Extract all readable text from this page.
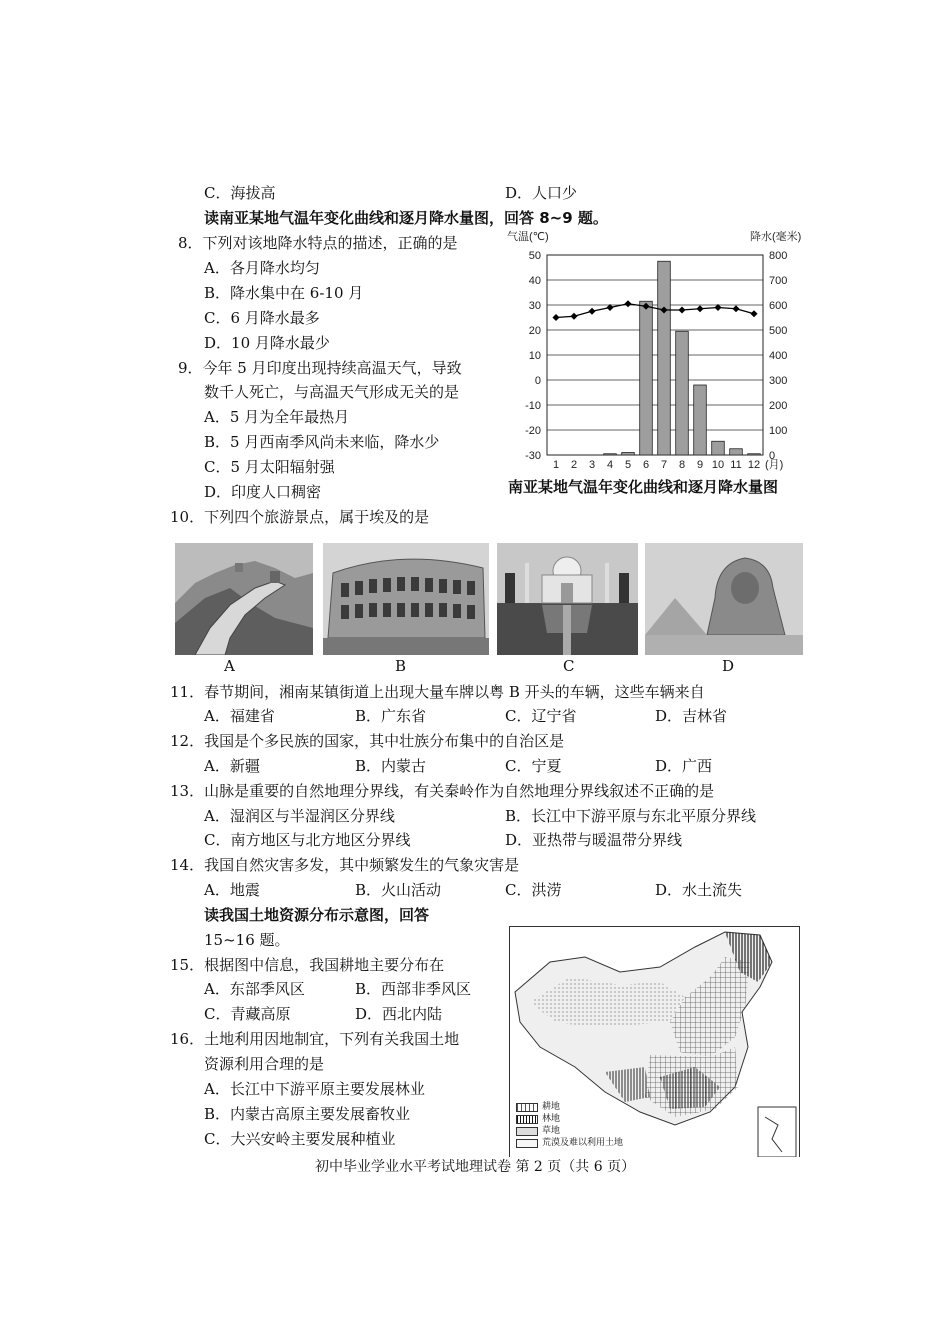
C．海拔高	D．人口少
读南亚某地气温年变化曲线和逐月降水量图，回答 8~9 题。
8．下列对该地降水特点的描述，正确的是
A．各月降水均匀
B．降水集中在 6-10 月
C．6 月降水最多
D．10 月降水最少
9．今年 5 月印度出现持续高温天气，导致
数千人死亡，与高温天气形成无关的是
A．5 月为全年最热月
B．5 月西南季风尚未来临，降水少
C．5 月太阳辐射强
D．印度人口稠密
气温(℃)	降水(毫米)
50
40
30
20
10
0
-10
-20
-30
800
700
600
500
400
300
200
100
0
1 2 3 4 5 6 7 8 9 10 11 12 (月)
南亚某地气温年变化曲线和逐月降水量图
10．下列四个旅游景点，属于埃及的是
A	B	C	D
11．春节期间，湘南某镇街道上出现大量车牌以粤 B 开头的车辆，这些车辆来自
A．福建省	B．广东省	C．辽宁省	D．吉林省
12．我国是个多民族的国家，其中壮族分布集中的自治区是
A．新疆	B．内蒙古	C．宁夏	D．广西
13．山脉是重要的自然地理分界线，有关秦岭作为自然地理分界线叙述不正确的是
A．湿润区与半湿润区分界线	B．长江中下游平原与东北平原分界线
C．南方地区与北方地区分界线	D．亚热带与暖温带分界线
14．我国自然灾害多发，其中频繁发生的气象灾害是
A．地震	B．火山活动	C．洪涝	D．水土流失
读我国土地资源分布示意图，回答
15~16 题。
15．根据图中信息，我国耕地主要分布在
A．东部季风区	B．西部非季风区
C．青藏高原	D．西北内陆
16．土地利用因地制宜，下列有关我国土地
资源利用合理的是
A．长江中下游平原主要发展林业
B．内蒙古高原主要发展畜牧业
C．大兴安岭主要发展种植业
耕地
林地
草地
荒漠及难以利用土地
初中毕业学业水平考试地理试卷 第 2 页（共 6 页）
